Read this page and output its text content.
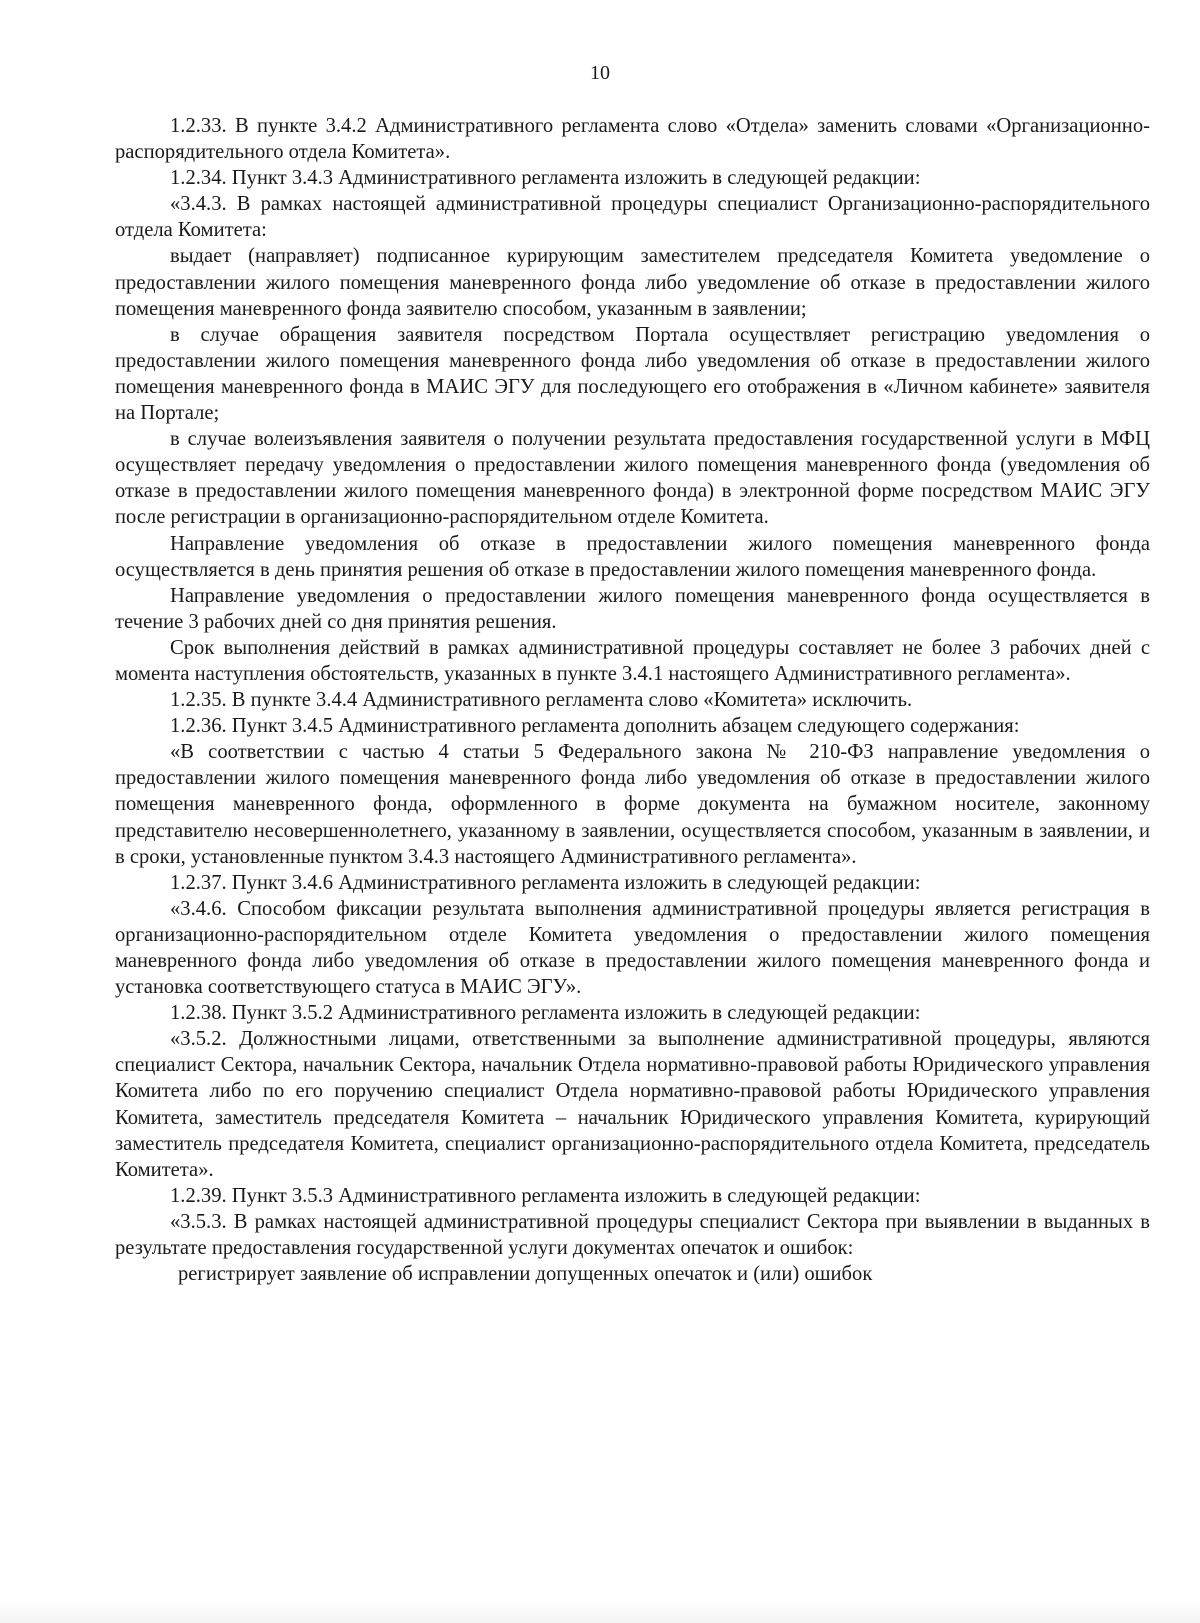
10

1.2.33. В пункте 3.4.2 Административного регламента слово «Отдела» заменить словами «Организационно-распорядительного отдела Комитета».

1.2.34. Пункт 3.4.3 Административного регламента изложить в следующей редакции:

«3.4.3. В рамках настоящей административной процедуры специалист Организационно-распорядительного отдела Комитета:

выдает (направляет) подписанное курирующим заместителем председателя Комитета уведомление о предоставлении жилого помещения маневренного фонда либо уведомление об отказе в предоставлении жилого помещения маневренного фонда заявителю способом, указанным в заявлении;

в случае обращения заявителя посредством Портала осуществляет регистрацию уведомления о предоставлении жилого помещения маневренного фонда либо уведомления об отказе в предоставлении жилого помещения маневренного фонда в МАИС ЭГУ для последующего его отображения в «Личном кабинете» заявителя на Портале;

в случае волеизъявления заявителя о получении результата предоставления государственной услуги в МФЦ осуществляет передачу уведомления о предоставлении жилого помещения маневренного фонда (уведомления об отказе в предоставлении жилого помещения маневренного фонда) в электронной форме посредством МАИС ЭГУ после регистрации в организационно-распорядительном отделе Комитета.

Направление уведомления об отказе в предоставлении жилого помещения маневренного фонда осуществляется в день принятия решения об отказе в предоставлении жилого помещения маневренного фонда.

Направление уведомления о предоставлении жилого помещения маневренного фонда осуществляется в течение 3 рабочих дней со дня принятия решения.

Срок выполнения действий в рамках административной процедуры составляет не более 3 рабочих дней с момента наступления обстоятельств, указанных в пункте 3.4.1 настоящего Административного регламента».

1.2.35. В пункте 3.4.4 Административного регламента слово «Комитета» исключить.

1.2.36. Пункт 3.4.5 Административного регламента дополнить абзацем следующего содержания:

«В соответствии с частью 4 статьи 5 Федерального закона № 210-ФЗ направление уведомления о предоставлении жилого помещения маневренного фонда либо уведомления об отказе в предоставлении жилого помещения маневренного фонда, оформленного в форме документа на бумажном носителе, законному представителю несовершеннолетнего, указанному в заявлении, осуществляется способом, указанным в заявлении, и в сроки, установленные пунктом 3.4.3 настоящего Административного регламента».

1.2.37. Пункт 3.4.6 Административного регламента изложить в следующей редакции:

«3.4.6. Способом фиксации результата выполнения административной процедуры является регистрация в организационно-распорядительном отделе Комитета уведомления о предоставлении жилого помещения маневренного фонда либо уведомления об отказе в предоставлении жилого помещения маневренного фонда и установка соответствующего статуса в МАИС ЭГУ».

1.2.38. Пункт 3.5.2 Административного регламента изложить в следующей редакции:

«3.5.2. Должностными лицами, ответственными за выполнение административной процедуры, являются специалист Сектора, начальник Сектора, начальник Отдела нормативно-правовой работы Юридического управления Комитета либо по его поручению специалист Отдела нормативно-правовой работы Юридического управления Комитета, заместитель председателя Комитета – начальник Юридического управления Комитета, курирующий заместитель председателя Комитета, специалист организационно-распорядительного отдела Комитета, председатель Комитета».

1.2.39. Пункт 3.5.3 Административного регламента изложить в следующей редакции:

«3.5.3. В рамках настоящей административной процедуры специалист Сектора при выявлении в выданных в результате предоставления государственной услуги документах опечаток и ошибок:

регистрирует заявление об исправлении допущенных опечаток и (или) ошибок
